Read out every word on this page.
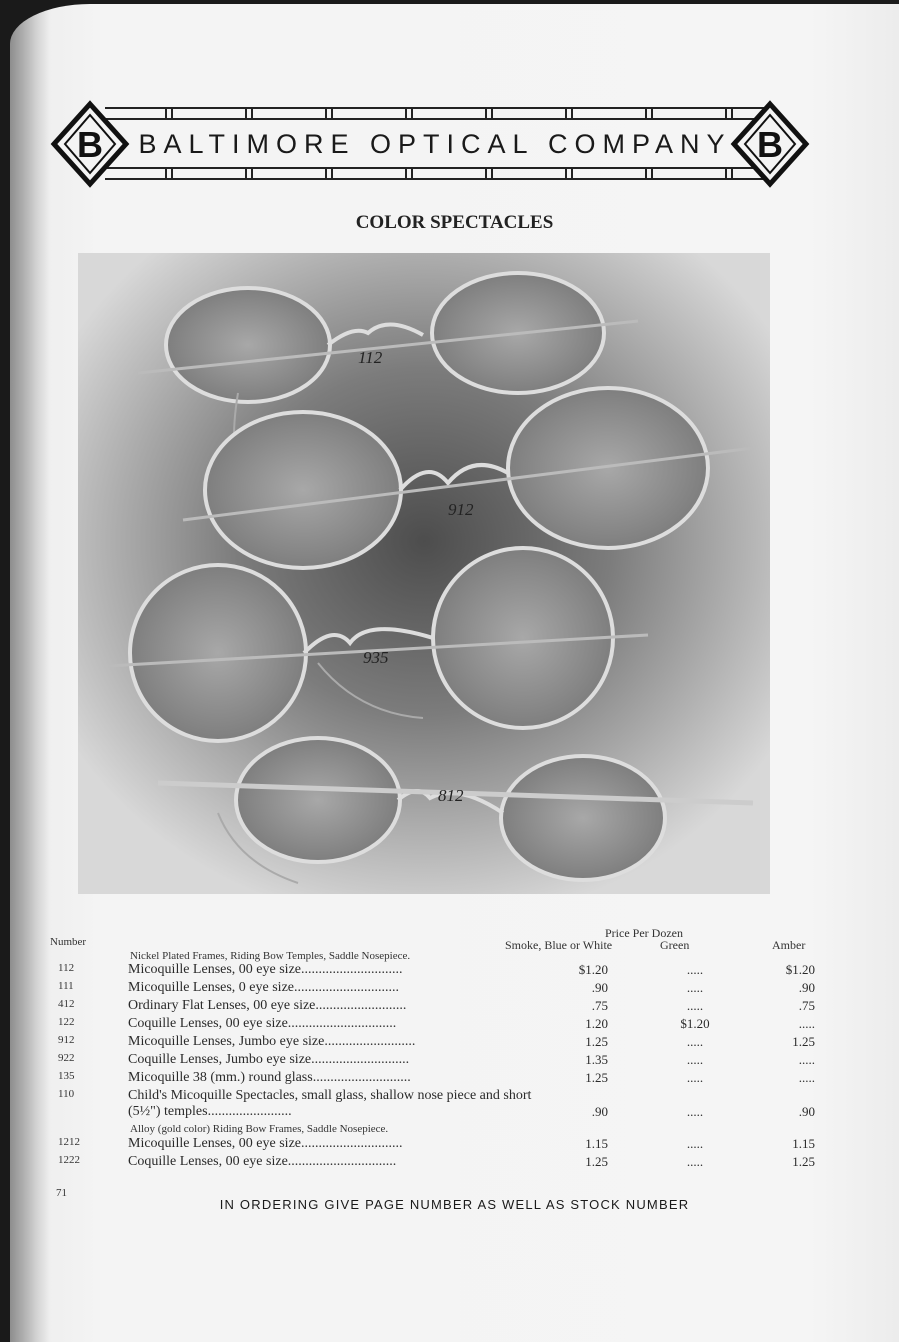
B	BALTIMORE OPTICAL COMPANY B
COLOR SPECTACLES
112
912
935
812
Number
Price Per Dozen
Smoke, Blue or White	Green	Amber
Nickel Plated Frames, Riding Bow Temples, Saddle Nosepiece.
112	Micoquille Lenses, 00 eye size.............................	$1.20	.....	$1.20
111	Micoquille Lenses, 0 eye size..............................	.90	.....	.90
412	Ordinary Flat Lenses, 00 eye size..........................	.75	.....	.75
122	Coquille Lenses, 00 eye size...............................	1.20	$1.20	.....
912	Micoquille Lenses, Jumbo eye size..........................	1.25	.....	1.25
922	Coquille Lenses, Jumbo eye size............................	1.35	.....	.....
135	Micoquille 38 (mm.) round glass............................	1.25	.....	.....
110	Child's Micoquille Spectacles, small glass, shallow nose piece and short (5½") temples........................	.90	.....	.90
Alloy (gold color) Riding Bow Frames, Saddle Nosepiece.
1212	Micoquille Lenses, 00 eye size.............................	1.15	.....	1.15
1222	Coquille Lenses, 00 eye size...............................	1.25	.....	1.25
71
IN ORDERING GIVE PAGE NUMBER AS WELL AS STOCK NUMBER
